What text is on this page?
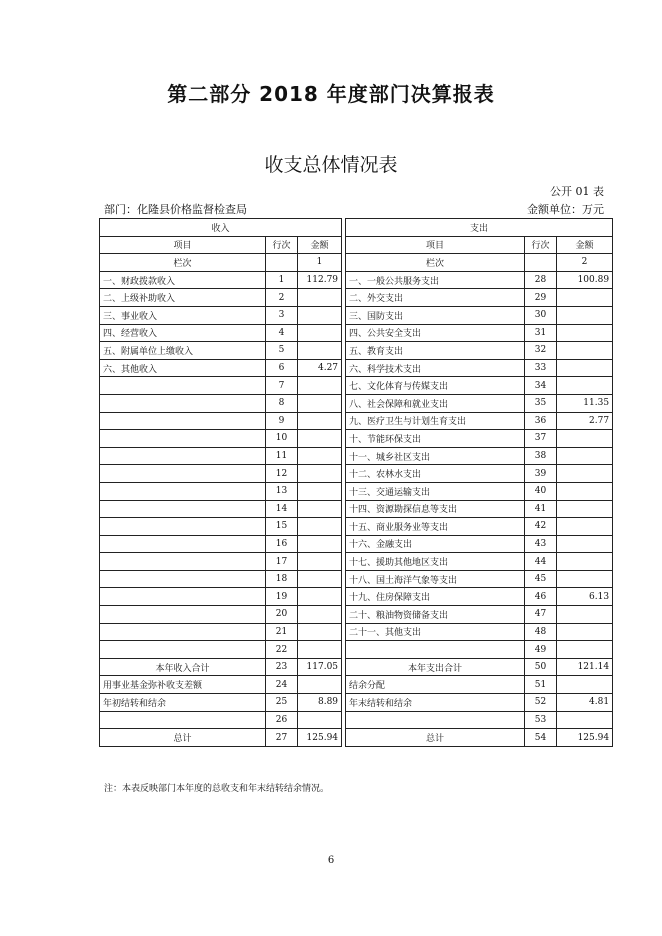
第二部分 2018 年度部门决算报表
收支总体情况表
公开 01 表
部门：化隆县价格监督检查局	金额单位：万元
收入				支出		
项目	行次	金额		项目	行次	金额
栏次		1		栏次		2
一、财政拨款收入	1	112.79		一、一般公共服务支出	28	100.89
二、上级补助收入	2			二、外交支出	29	
三、事业收入	3			三、国防支出	30	
四、经营收入	4			四、公共安全支出	31	
五、附属单位上缴收入	5			五、教育支出	32	
六、其他收入	6	4.27		六、科学技术支出	33	
	7			七、文化体育与传媒支出	34	
	8			八、社会保障和就业支出	35	11.35
	9			九、医疗卫生与计划生育支出	36	2.77
	10			十、节能环保支出	37	
	11			十一、城乡社区支出	38	
	12			十二、农林水支出	39	
	13			十三、交通运输支出	40	
	14			十四、资源勘探信息等支出	41	
	15			十五、商业服务业等支出	42	
	16			十六、金融支出	43	
	17			十七、援助其他地区支出	44	
	18			十八、国土海洋气象等支出	45	
	19			十九、住房保障支出	46	6.13
	20			二十、粮油物资储备支出	47	
	21			二十一、其他支出	48	
	22				49	
本年收入合计	23	117.05		本年支出合计	50	121.14
用事业基金弥补收支差额	24			结余分配	51	
年初结转和结余	25	8.89		年末结转和结余	52	4.81
	26				53	
总计	27	125.94		总计	54	125.94
注：本表反映部门本年度的总收支和年末结转结余情况。
6
